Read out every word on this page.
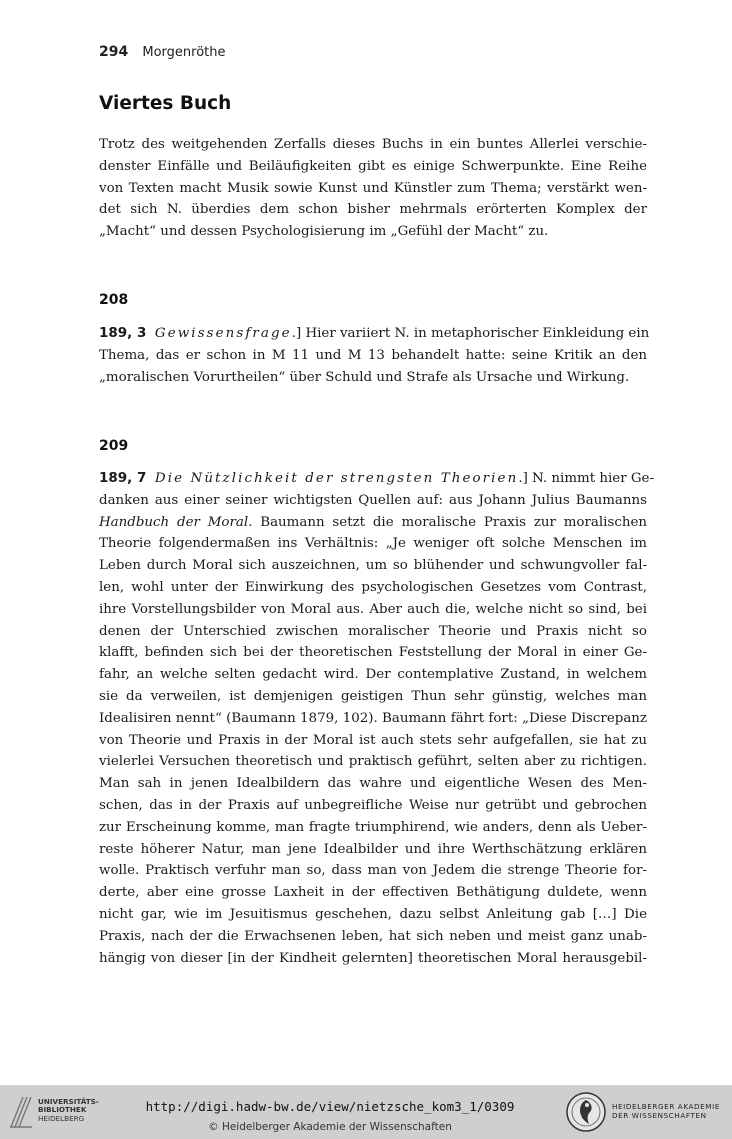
294 Morgenröthe
Viertes Buch
Trotz des weitgehenden Zerfalls dieses Buchs in ein buntes Allerlei verschie-
denster Einfälle und Beiläufigkeiten gibt es einige Schwerpunkte. Eine Reihe
von Texten macht Musik sowie Kunst und Künstler zum Thema; verstärkt wen-
det sich N. überdies dem schon bisher mehrmals erörterten Komplex der
„Macht“ und dessen Psychologisierung im „Gefühl der Macht“ zu.
208
189, 3 Gewissensfrage.] Hier variiert N. in metaphorischer Einkleidung ein
Thema, das er schon in M 11 und M 13 behandelt hatte: seine Kritik an den
„moralischen Vorurtheilen“ über Schuld und Strafe als Ursache und Wirkung.
209
189, 7 Die Nützlichkeit der strengsten Theorien.] N. nimmt hier Ge-
danken aus einer seiner wichtigsten Quellen auf: aus Johann Julius Baumanns
Handbuch der Moral. Baumann setzt die moralische Praxis zur moralischen
Theorie folgendermaßen ins Verhältnis: „Je weniger oft solche Menschen im
Leben durch Moral sich auszeichnen, um so blühender und schwungvoller fal-
len, wohl unter der Einwirkung des psychologischen Gesetzes vom Contrast,
ihre Vorstellungsbilder von Moral aus. Aber auch die, welche nicht so sind, bei
denen der Unterschied zwischen moralischer Theorie und Praxis nicht so
klafft, befinden sich bei der theoretischen Feststellung der Moral in einer Ge-
fahr, an welche selten gedacht wird. Der contemplative Zustand, in welchem
sie da verweilen, ist demjenigen geistigen Thun sehr günstig, welches man
Idealisiren nennt“ (Baumann 1879, 102). Baumann fährt fort: „Diese Discrepanz
von Theorie und Praxis in der Moral ist auch stets sehr aufgefallen, sie hat zu
vielerlei Versuchen theoretisch und praktisch geführt, selten aber zu richtigen.
Man sah in jenen Idealbildern das wahre und eigentliche Wesen des Men-
schen, das in der Praxis auf unbegreifliche Weise nur getrübt und gebrochen
zur Erscheinung komme, man fragte triumphirend, wie anders, denn als Ueber-
reste höherer Natur, man jene Idealbilder und ihre Werthschätzung erklären
wolle. Praktisch verfuhr man so, dass man von Jedem die strenge Theorie for-
derte, aber eine grosse Laxheit in der effectiven Bethätigung duldete, wenn
nicht gar, wie im Jesuitismus geschehen, dazu selbst Anleitung gab […] Die
Praxis, nach der die Erwachsenen leben, hat sich neben und meist ganz unab-
hängig von dieser [in der Kindheit gelernten] theoretischen Moral herausgebil-
UNIVERSITÄTS-
BIBLIOTHEK
HEIDELBERG
http://digi.hadw-bw.de/view/nietzsche_kom3_1/0309
© Heidelberger Akademie der Wissenschaften
HEIDELBERGER AKADEMIE
DER WISSENSCHAFTEN
